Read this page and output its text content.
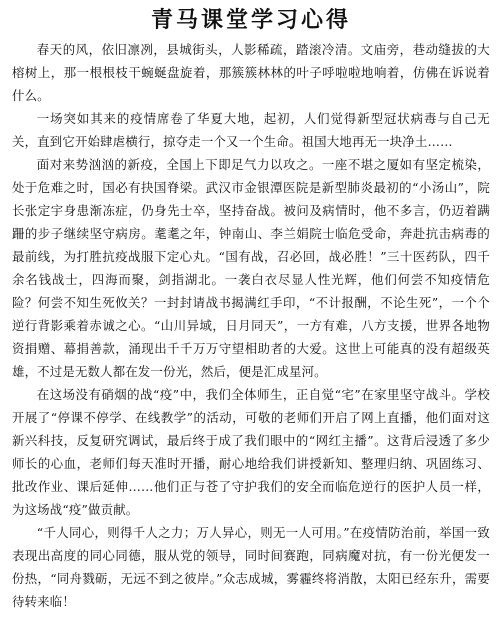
青马课堂学习心得

春天的风，依旧凛冽，县城街头，人影稀疏，踏滚冷清。文庙旁，巷动缝拔的大榕树上，那一根根枝干蜿蜒盘旋着，那簇簇林林的叶子呼啦啦地响着，仿佛在诉说着什么。

一场突如其来的疫情席卷了华夏大地，起初，人们觉得新型冠状病毒与自己无关，直到它开始肆虐横行，掠夺走一个又一个生命。祖国大地再无一块净土……

面对来势汹汹的新疫，全国上下即足气力以攻之。一座不堪之厦如有坚定梳染，处于危难之时，国必有抉国脊梁。武汉市金银潭医院是新型肺炎最初的“小汤山”，院长张定宇身患渐冻症，仍身先士卒，坚持奋战。被问及病情时，他不多言，仍迈着蹒跚的步子继续坚守病房。耄耄之年，钟南山、李兰娟院士临危受命，奔赴抗击病毒的最前线，为打胜抗疫战服下定心丸。“国有战，召必回，战必胜！”三十医药队，四千余名钱战士，四海而聚，剑指湖北。一袭白衣尽显人性光辉，他们何尝不知疫情危险？何尝不知生死攸关？一封封请战书揭满红手印，“不计报酬，不论生死”，一个个逆行背影乘着赤诚之心。“山川异域，日月同天”，一方有难，八方支援，世界各地物资捐赠、幕捐善款，涌现出千千万万守望相助者的大爱。这世上可能真的没有超级英雄，不过是无数人都在发一份光，然后，便是汇成星河。

在这场没有硝烟的战“疫”中，我们全体师生，正自觉“宅”在家里坚守战斗。学校开展了“停课不停学、在线教学”的活动，可敬的老师们开启了网上直播，他们面对这新兴科技，反复研究调试，最后终于成了我们眼中的“网红主播”。这背后浸透了多少师长的心血，老师们每天准时开播，耐心地给我们讲授新知、整理归纳、巩固练习、批改作业、课后延伸……他们正与苍了守护我们的安全而临危逆行的医护人员一样，为这场战“疫”做贡献。

“千人同心，则得千人之力；万人异心，则无一人可用。”在疫情防治前，举国一致表现出高度的同心同德，服从党的领导，同时间赛跑，同病魔对抗，有一份光便发一份热，“同舟戮砺，无远不到之彼岸。”众志成城，雾霾终将消散，太阳已经东升，需要待转来临！
